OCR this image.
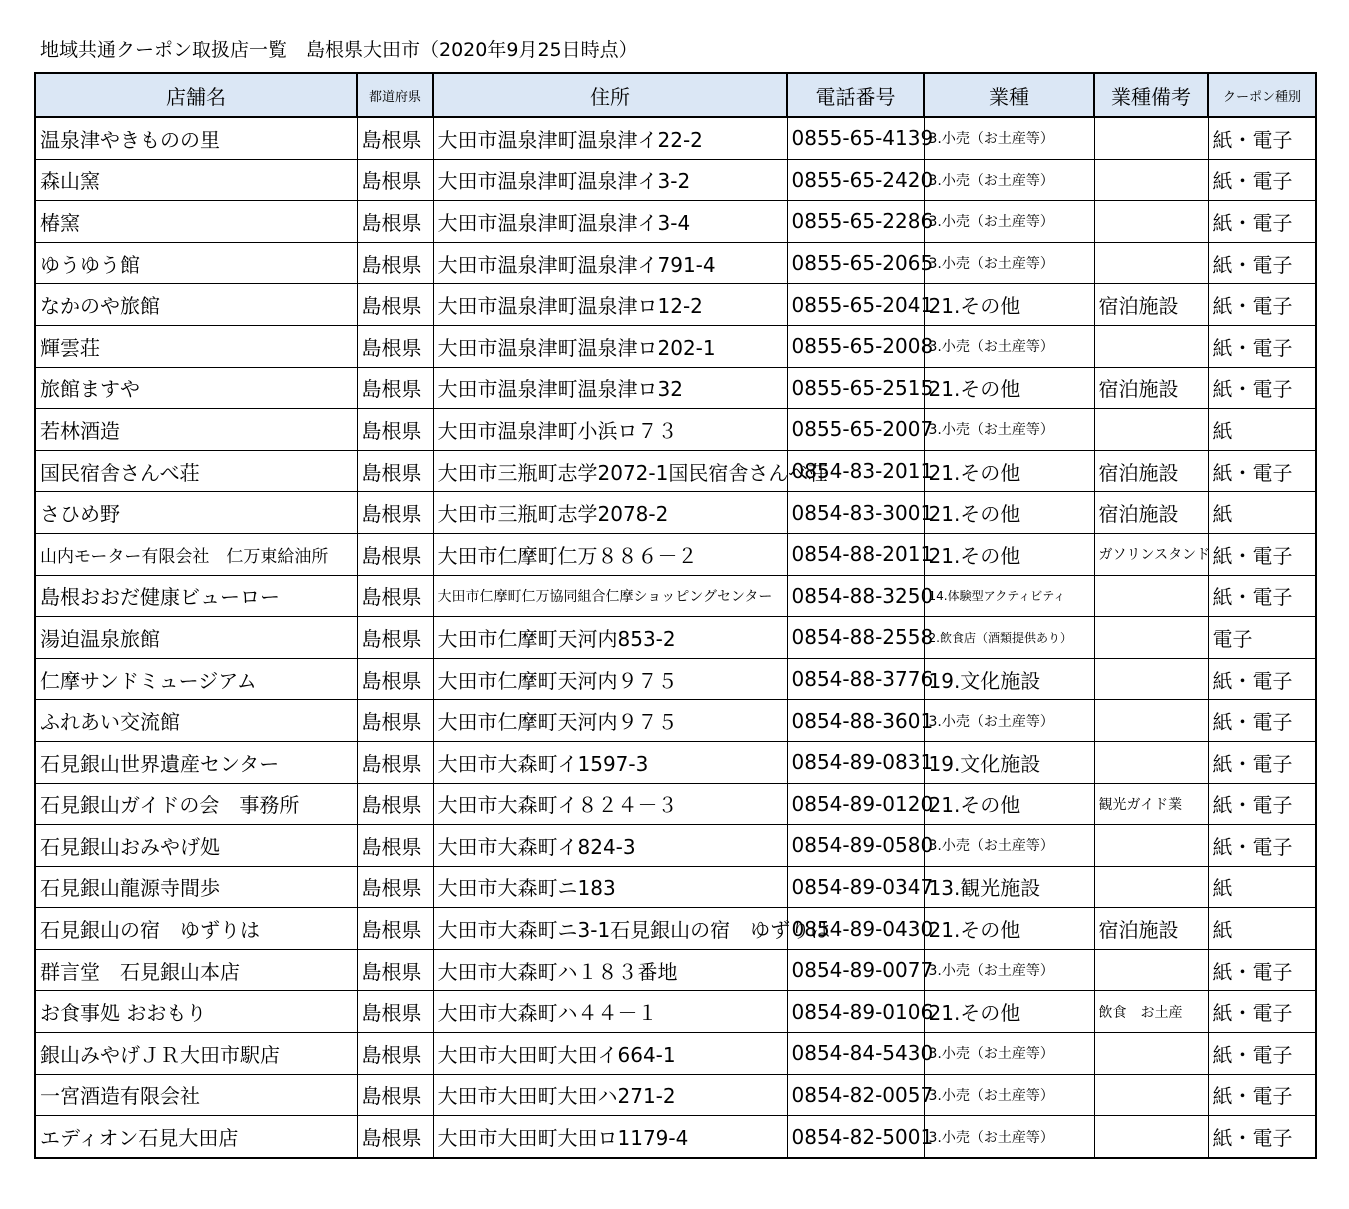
地域共通クーポン取扱店一覧　島根県大田市（2020年9月25日時点）
店舗名	都道府県	住所	電話番号	業種	業種備考	クーポン種別
温泉津やきものの里	島根県	大田市温泉津町温泉津イ22-2	0855-65-4139	3.小売（お土産等）		紙・電子
森山窯	島根県	大田市温泉津町温泉津イ3-2	0855-65-2420	3.小売（お土産等）		紙・電子
椿窯	島根県	大田市温泉津町温泉津イ3-4	0855-65-2286	3.小売（お土産等）		紙・電子
ゆうゆう館	島根県	大田市温泉津町温泉津イ791-4	0855-65-2065	3.小売（お土産等）		紙・電子
なかのや旅館	島根県	大田市温泉津町温泉津ロ12-2	0855-65-2041	21.その他	宿泊施設	紙・電子
輝雲荘	島根県	大田市温泉津町温泉津ロ202-1	0855-65-2008	3.小売（お土産等）		紙・電子
旅館ますや	島根県	大田市温泉津町温泉津ロ32	0855-65-2515	21.その他	宿泊施設	紙・電子
若林酒造	島根県	大田市温泉津町小浜ロ７３	0855-65-2007	3.小売（お土産等）		紙
国民宿舎さんべ荘	島根県	大田市三瓶町志学2072-1国民宿舎さんべ荘	0854-83-2011	21.その他	宿泊施設	紙・電子
さひめ野	島根県	大田市三瓶町志学2078-2	0854-83-3001	21.その他	宿泊施設	紙
山内モーター有限会社　仁万東給油所	島根県	大田市仁摩町仁万８８６－２	0854-88-2011	21.その他	ガソリンスタンド	紙・電子
島根おおだ健康ビューロー	島根県	大田市仁摩町仁万協同組合仁摩ショッピングセンター	0854-88-3250	14.体験型アクティビティ		紙・電子
湯迫温泉旅館	島根県	大田市仁摩町天河内853-2	0854-88-2558	2.飲食店（酒類提供あり）		電子
仁摩サンドミュージアム	島根県	大田市仁摩町天河内９７５	0854-88-3776	19.文化施設		紙・電子
ふれあい交流館	島根県	大田市仁摩町天河内９７５	0854-88-3601	3.小売（お土産等）		紙・電子
石見銀山世界遺産センター	島根県	大田市大森町イ1597-3	0854-89-0831	19.文化施設		紙・電子
石見銀山ガイドの会　事務所	島根県	大田市大森町イ８２４－３	0854-89-0120	21.その他	観光ガイド業	紙・電子
石見銀山おみやげ処	島根県	大田市大森町イ824-3	0854-89-0580	3.小売（お土産等）		紙・電子
石見銀山龍源寺間歩	島根県	大田市大森町ニ183	0854-89-0347	13.観光施設		紙
石見銀山の宿　ゆずりは	島根県	大田市大森町ニ3-1石見銀山の宿　ゆずりは	0854-89-0430	21.その他	宿泊施設	紙
群言堂　石見銀山本店	島根県	大田市大森町ハ１８３番地	0854-89-0077	3.小売（お土産等）		紙・電子
お食事処 おおもり	島根県	大田市大森町ハ４４－１	0854-89-0106	21.その他	飲食　お土産	紙・電子
銀山みやげＪＲ大田市駅店	島根県	大田市大田町大田イ664-1	0854-84-5430	3.小売（お土産等）		紙・電子
一宮酒造有限会社	島根県	大田市大田町大田ハ271-2	0854-82-0057	3.小売（お土産等）		紙・電子
エディオン石見大田店	島根県	大田市大田町大田ロ1179-4	0854-82-5001	3.小売（お土産等）		紙・電子
